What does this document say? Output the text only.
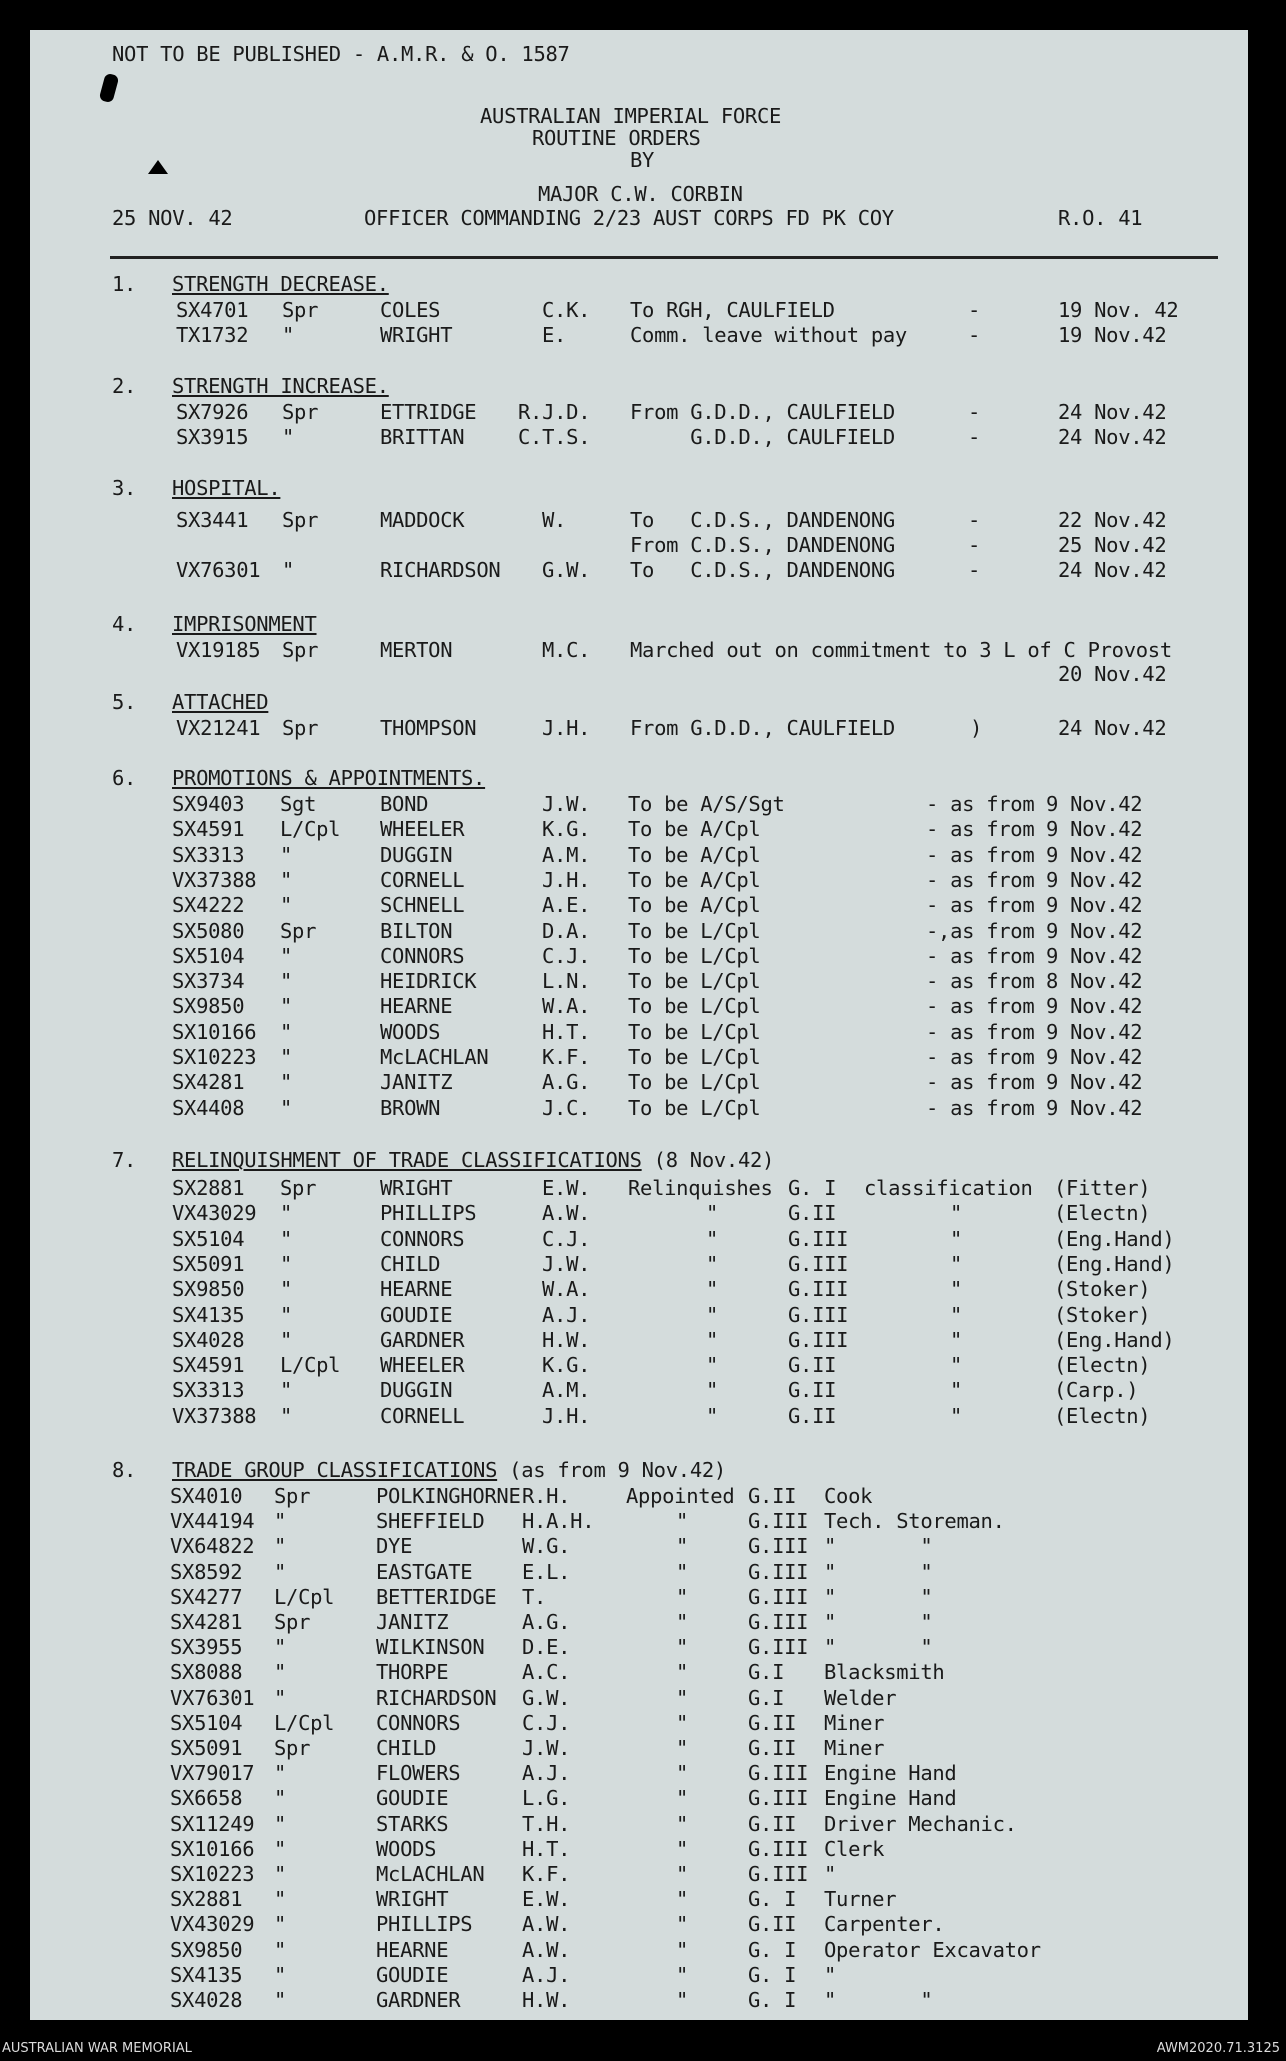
NOT TO BE PUBLISHED - A.M.R. & O. 1587
AUSTRALIAN IMPERIAL FORCE
ROUTINE ORDERS
BY
MAJOR C.W. CORBIN
25 NOV. 42	OFFICER COMMANDING 2/23 AUST CORPS FD PK COY	R.O. 41
1. STRENGTH DECREASE.
SX4701 Spr	COLES	C.K. To RGH, CAULFIELD	-	19 Nov. 42
TX1732 "	WRIGHT	E.	Comm. leave without pay	-	19 Nov.42
2. STRENGTH INCREASE.
SX7926 Spr	ETTRIDGE R.J.D. From G.D.D., CAULFIELD	-	24 Nov.42
SX3915 "	BRITTAN	C.T.S. G.D.D., CAULFIELD	-	24 Nov.42
3. HOSPITAL.
SX3441 Spr	MADDOCK	W.	To   C.D.S., DANDENONG	-	22 Nov.42
From C.D.S., DANDENONG	-	25 Nov.42
VX76301 "	RICHARDSON G.W. To   C.D.S., DANDENONG	-	24 Nov.42
4. IMPRISONMENT
VX19185 Spr	MERTON	M.C. Marched out on commitment to 3 L of C Provost
20 Nov.42
5. ATTACHED
VX21241 Spr	THOMPSON	J.H. From G.D.D., CAULFIELD	)	24 Nov.42
6. PROMOTIONS & APPOINTMENTS.
SX9403 Sgt	BOND	J.W. To be A/S/Sgt	- as from 9 Nov.42
SX4591 L/Cpl WHEELER	K.G. To be A/Cpl	- as from 9 Nov.42
SX3313 "	DUGGIN	A.M. To be A/Cpl	- as from 9 Nov.42
VX37388 "	CORNELL	J.H. To be A/Cpl	- as from 9 Nov.42
SX4222 "	SCHNELL	A.E. To be A/Cpl	- as from 9 Nov.42
SX5080 Spr	BILTON	D.A. To be L/Cpl	-,as from 9 Nov.42
SX5104 "	CONNORS	C.J. To be L/Cpl	- as from 9 Nov.42
SX3734 "	HEIDRICK	L.N. To be L/Cpl	- as from 8 Nov.42
SX9850 "	HEARNE	W.A. To be L/Cpl	- as from 9 Nov.42
SX10166 "	WOODS	H.T. To be L/Cpl	- as from 9 Nov.42
SX10223 "	McLACHLAN	K.F. To be L/Cpl	- as from 9 Nov.42
SX4281 "	JANITZ	A.G. To be L/Cpl	- as from 9 Nov.42
SX4408 "	BROWN	J.C. To be L/Cpl	- as from 9 Nov.42
7. RELINQUISHMENT OF TRADE CLASSIFICATIONS (8 Nov.42)
SX2881 Spr	WRIGHT	E.W. Relinquishes G. I classification (Fitter)
VX43029 "	PHILLIPS	A.W.	"	G.II	"	(Electn)
SX5104 "	CONNORS	C.J.	"	G.III	"	(Eng.Hand)
SX5091 "	CHILD	J.W.	"	G.III	"	(Eng.Hand)
SX9850 "	HEARNE	W.A.	"	G.III	"	(Stoker)
SX4135 "	GOUDIE	A.J.	"	G.III	"	(Stoker)
SX4028 "	GARDNER	H.W.	"	G.III	"	(Eng.Hand)
SX4591 L/Cpl WHEELER	K.G.	"	G.II	"	(Electn)
SX3313 "	DUGGIN	A.M.	"	G.II	"	(Carp.)
VX37388 "	CORNELL	J.H.	"	G.II	"	(Electn)
8. TRADE GROUP CLASSIFICATIONS (as from 9 Nov.42)
SX4010 Spr	POLKINGHORNE R.H.	Appointed G.II Cook
VX44194 "	SHEFFIELD H.A.H.	"	G.III Tech. Storeman.
VX64822 "	DYE	W.G.	"	G.III "       "
SX8592 "	EASTGATE E.L.	"	G.III "       "
SX4277 L/Cpl BETTERIDGE T.	"	G.III "       "
SX4281 Spr	JANITZ	A.G.	"	G.III "       "
SX3955 "	WILKINSON D.E.	"	G.III "       "
SX8088 "	THORPE	A.C.	"	G.I Blacksmith
VX76301 "	RICHARDSON G.W.	"	G.I Welder
SX5104 L/Cpl CONNORS	C.J.	"	G.II Miner
SX5091 Spr	CHILD	J.W.	"	G.II Miner
VX79017 "	FLOWERS	A.J.	"	G.III Engine Hand
SX6658 "	GOUDIE	L.G.	"	G.III Engine Hand
SX11249 "	STARKS	T.H.	"	G.II Driver Mechanic.
SX10166 "	WOODS	H.T.	"	G.III Clerk
SX10223 "	McLACHLAN K.F.	"	G.III "
SX2881 "	WRIGHT	E.W.	"	G. I Turner
VX43029 "	PHILLIPS A.W.	"	G.II Carpenter.
SX9850 "	HEARNE	A.W.	"	G. I Operator Excavator
SX4135 "	GOUDIE	A.J.	"	G. I "
SX4028 "	GARDNER	H.W.	"	G. I "       "
AUSTRALIAN WAR MEMORIAL	AWM2020.71.3125
